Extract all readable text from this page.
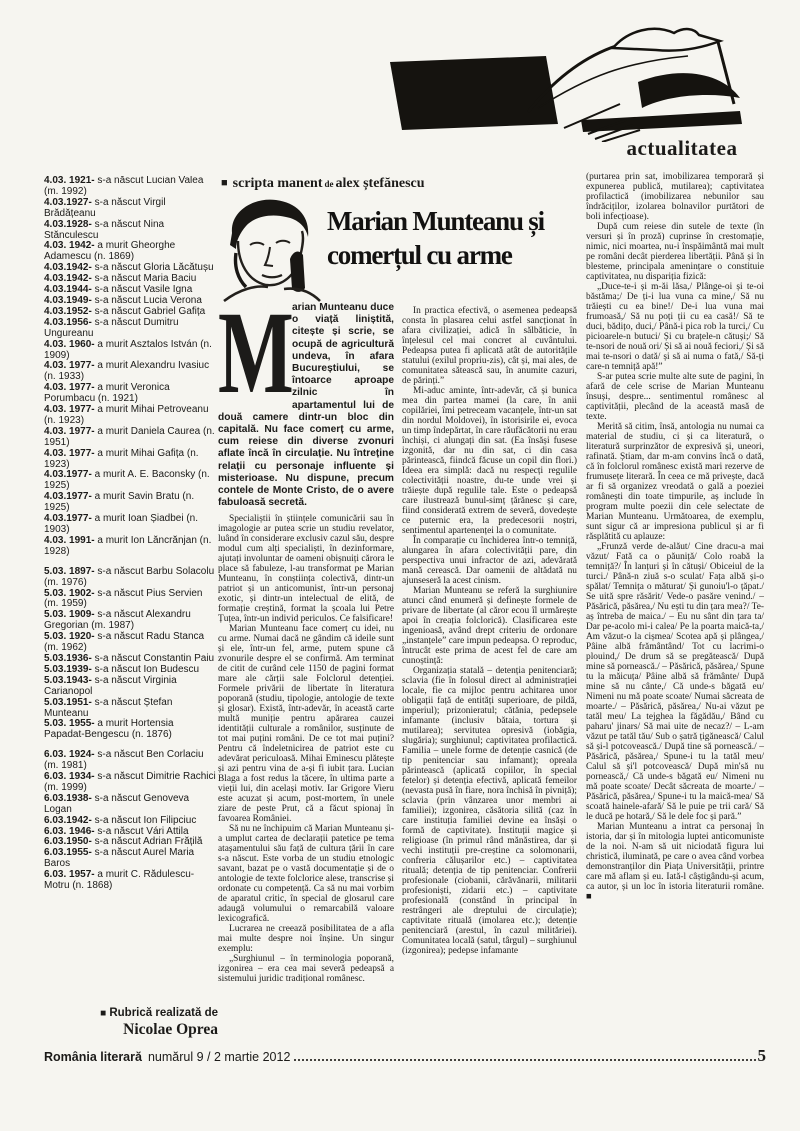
actualitatea
4.03. 1921- s-a născut Lucian Valea (m. 1992)
4.03.1927- s-a născut Virgil Brădățeanu
4.03.1928- s-a născut Nina Stănculescu
4.03. 1942- a murit Gheorghe Adamescu (n. 1869)
4.03.1942- s-a născut Gloria Lăcătușu
4.03.1942- s-a născut Maria Baciu
4.03.1944- s-a născut Vasile Igna
4.03.1949- s-a născut Lucia Verona
4.03.1952- s-a născut Gabriel Gafița
4.03.1956- s-a născut Dumitru Ungureanu
4.03. 1960- a murit Asztalos István (n. 1909)
4.03. 1977- a murit Alexandru Ivasiuc (n. 1933)
4.03. 1977- a murit Veronica Porumbacu (n. 1921)
4.03. 1977- a murit Mihai Petroveanu (n. 1923)
4.03. 1977- a murit Daniela Caurea (n. 1951)
4.03. 1977- a murit Mihai Gafița (n. 1923)
4.03.1977- a murit A. E. Baconsky (n. 1925)
4.03.1977- a murit Savin Bratu (n. 1925)
4.03.1977- a murit Ioan Șiadbei (n. 1903)
4.03. 1991- a murit Ion Lăncrănjan (n. 1928)
5.03. 1897- s-a născut Barbu Solacolu (m. 1976)
5.03. 1902- s-a născut Pius Servien (m. 1959)
5.03. 1909- s-a născut Alexandru Gregorian (m. 1987)
5.03. 1920- s-a născut Radu Stanca (m. 1962)
5.03.1936- s-a născut Constantin Paiu
5.03.1939- s-a născut Ion Budescu
5.03.1943- s-a născut Virginia Carianopol
5.03.1951- s-a născut Ștefan Munteanu
5.03. 1955- a murit Hortensia Papadat-Bengescu (n. 1876)
6.03. 1924- s-a născut Ben Corlaciu (m. 1981)
6.03. 1934- s-a născut Dimitrie Rachici (m. 1999)
6.03.1938- s-a născut Genoveva Logan
6.03.1942- s-a născut Ion Filipciuc
6.03. 1946- s-a născut Vári Attila
6.03.1950- s-a născut Adrian Frățilă
6.03.1955- s-a născut Aurel Maria Baros
6.03. 1957- a murit C. Rădulescu-Motru (n. 1868)
■ Rubrică realizată de
Nicolae Oprea
■ scripta manent de alex ștefănescu
Marian Munteanu și
comerțul cu arme
M
arian Munteanu duce o viață liniștită, citește și scrie, se ocupă de agricultură undeva, în afara Bucureștiului, se întoarce aproape zilnic în apartamentul lui de două camere dintr-un bloc din capitală. Nu face comerț cu arme, cum reiese din diverse zvonuri aflate încă în circulație. Nu întreține relații cu personaje influente și misterioase. Nu dispune, precum contele de Monte Cristo, de o avere fabuloasă secretă.

Specialiștii în științele comunicării sau în imagologie ar putea scrie un studiu revelator, luând în considerare exclusiv cazul său, despre modul cum alți specialiști, în dezinformare, ajutați involuntar de oameni obișnuiți cărora le place să fabuleze, l-au transformat pe Marian Munteanu, în conștiința colectivă, dintr-un patriot și un anticomunist, într-un personaj exotic, și dintr-un intelectual de elită, de formație creștină, format la școala lui Petre Țuțea, într-un individ periculos. Ce falsificare!

Marian Munteanu face comerț cu idei, nu cu arme. Numai dacă ne gândim că ideile sunt și ele, într-un fel, arme, putem spune că zvonurile despre el se confirmă. Am terminat de citit de curând cele 1150 de pagini format mare ale cărții sale Folclorul detenției. Formele privării de libertate în literatura poporană (studiu, tipologie, antologie de texte și glosar). Există, într-adevăr, în această carte multă muniție pentru apărarea cauzei identității culturale a românilor, susținute de tot mai puțini români. De ce tot mai puțini? Pentru că îndeletnicirea de patriot este cu adevărat periculoasă. Mihai Eminescu plătește și azi pentru vina de a-și fi iubit țara. Lucian Blaga a fost redus la tăcere, în ultima parte a vieții lui, din același motiv. Iar Grigore Vieru este acuzat și acum, post-mortem, în unele ziare de peste Prut, că a făcut spionaj în favoarea României.

Să nu ne închipuim că Marian Munteanu și-a umplut cartea de declarații patetice pe tema atașamentului său față de cultura țării în care s-a născut. Este vorba de un studiu etnologic savant, bazat pe o vastă documentație și de o antologie de texte folclorice alese, transcrise și ordonate cu competență. Ca să nu mai vorbim de aparatul critic, în special de glosarul care adaugă volumului o remarcabilă valoare lexicografică.

Lucrarea ne creează posibilitatea de a afla mai multe despre noi înșine. Un singur exemplu:

„Surghiunul – în terminologia poporană, izgonirea – era cea mai severă pedeapsă a sistemului juridic tradițional românesc.

În practica efectivă, o asemenea pedeapsă consta în plasarea celui astfel sancționat în afara civilizației, adică în sălbăticie, în înțelesul cel mai concret al cuvântului. Pedeapsa putea fi aplicată atât de autoritățile statului (exilul propriu-zis), cât și, mai ales, de comunitatea sătească sau, în anumite cazuri, de părinți.”

Mi-aduc aminte, într-adevăr, că și bunica mea din partea mamei (la care, în anii copilăriei, îmi petreceam vacanțele, într-un sat din nordul Moldovei), în istorisirile ei, evoca un timp îndepărtat, în care răufăcătorii nu erau închiși, ci alungați din sat. (Ea însăși fusese izgonită, dar nu din sat, ci din casa părintească, fiindcă făcuse un copil din flori.) Ideea era simplă: dacă nu respecți regulile colectivității noastre, du-te unde vrei și trăiește după regulile tale. Este o pedeapsă care ilustrează bunul-simț țărănesc și care, fiind considerată extrem de severă, dovedește ce puternic era, la predecesorii noștri, sentimentul apartenenței la o comunitate.

În comparație cu închiderea într-o temniță, alungarea în afara colectivității pare, din perspectiva unui infractor de azi, adevărată mană cerească. Dar oamenii de altădată nu ajunseseră la acest cinism.

Marian Munteanu se referă la surghiunire atunci când enumeră și definește formele de privare de libertate (al căror ecou îl urmărește apoi în creația folclorică). Clasificarea este ingenioasă, având drept criteriu de ordonare „instanțele” care impun pedeapsa. O reproduc, întrucât este prima de acest fel de care am cunoștință:

Organizația statală – detenția penitenciară; sclavia (fie în folosul direct al administrației locale, fie ca mijloc pentru achitarea unor obligații față de entități superioare, de pildă, imperiul); prizonieratul; cătănia, pedepsele infamante (inclusiv bătaia, tortura și mutilarea); servitutea opresivă (iobăgia, slugăria); surghiunul; captivitatea profilactică. Familia – unele forme de detenție casnică (de tip penitenciar sau infamant); opreala părintească (aplicată copiilor, în special fetelor) și detenția efectivă, aplicată femeilor (nevasta pusă în fiare, nora închisă în pivniță); sclavia (prin vânzarea unor membri ai familiei); izgonirea, căsătoria silită (caz în care instituția familiei devine ea însăși o formă de captivitate). Instituții magice și religioase (în primul rând mănăstirea, dar și vechi instituții pre-creștine ca solomonarii, confreria călușarilor etc.) – captivitatea rituală; detenția de tip penitenciar. Confrerii profesionale (ciobanii, cărăvănarii, militarii profesioniști, zidarii etc.) – captivitate profesională (constând în principal în restrângeri ale dreptului de circulație); captivitate rituală (imolarea etc.); detenție penitenciară (arestul, în cazul milităriei). Comunitatea locală (satul, târgul) – surghiunul (izgonirea); pedepse infamante

(purtarea prin sat, imobilizarea temporară și expunerea publică, mutilarea); captivitatea profilactică (imobilizarea nebunilor sau îndrăciților, izolarea bolnavilor purtători de boli infecțioase).

După cum reiese din sutele de texte (în versuri și în proză) cuprinse în crestomație, nimic, nici moartea, nu-i înspăimântă mai mult pe români decât pierderea libertății. Până și în blesteme, principala amenințare o constituie captivitatea, nu dispariția fizică:

„Duce-te-i și m-ăi lăsa,/ Plânge-oi și te-oi băstăma;/ De ți-i lua vuna ca mine,/ Să nu trăiești cu ea bine!/ De-i lua vuna mai frumoasă,/ Să nu poți ții cu ea casă!/ Să te duci, bădițo, duci,/ Până-i pica rob la turci,/ Cu picioarele-n butuci/ Și cu brațele-n cătuși;/ Să te-nsori de nouă ori/ Și să ai nouă feciori,/ Și să mai te-nsori o dată/ și să ai numa o fată,/ Să-ți care-n temniță apă!”

S-ar putea scrie multe alte sute de pagini, în afară de cele scrise de Marian Munteanu însuși, despre... sentimentul românesc al captivității, plecând de la această masă de texte.

Merită să citim, însă, antologia nu numai ca material de studiu, ci și ca literatură, o literatură surprinzător de expresivă și, uneori, rafinată. Știam, dar m-am convins încă o dată, că în folclorul românesc există mari rezerve de frumusețe literară. În ceea ce mă privește, dacă ar fi să organizez vreodată o gală a poeziei românești din toate timpurile, aș include în program multe poezii din cele selectate de Marian Munteanu. Următoarea, de exemplu, sunt sigur că ar impresiona publicul și ar fi răsplătită cu aplauze:

„Frunză verde de-alăut/ Cine dracu-a mai văzut/ Fată ca o păuniță/ Colo roabă la temniță?/ În lanțuri și în cătuși/ Obiceiul de la turci./ Până-n ziuă s-o sculat/ Fața albă și-o spălat/ Temnița o măturat/ Și gunoiu'l-o țăpat./ Se uită spre răsărit/ Vede-o pasăre venind./ – Păsărică, păsărea,/ Nu ești tu din țara mea?/ Te-aș întreba de maica./ – Eu nu sânt din țara ta/ Dar pe-acolo mi-i calea/ Pe la poarta maică-ta,/ Am văzut-o la cișmea/ Scotea apă și plângea,/ Pâine albă frământând/ Tot cu lacrimi-o plouind,/ De drum să se pregătească/ După mine să pornească./ – Păsărică, păsărea,/ Spune tu la măicuța/ Pâine albă să frământe/ După mine să nu cânte,/ Că unde-s băgată eu/ Nimeni nu mă poate scoate/ Numai săcreata de moarte./ – Păsărică, păsărea,/ Nu-ai văzut pe tatăl meu/ La tejghea la făgădău,/ Bând cu paharu' jinars/ Să mai uite de necaz?/ – L-am văzut pe tatăl tău/ Sub o șatră țigănească/ Calul să și-l potcovească./ După tine să pornească./ – Păsărică, păsărea,/ Spune-i tu la tatăl meu/ Calul să și'l potcovească/ După min'să nu pornească,/ Că unde-s băgată eu/ Nimeni nu mă poate scoate/ Decât săcreata de moarte./ – Păsărică, păsărea,/ Spune-i tu la maică-mea/ Să scoată hainele-afară/ Să le puie pe trii cară/ Să le ducă pe hotară,/ Să le dele foc și pară.”

Marian Munteanu a intrat ca personaj în istoria, dar și în mitologia luptei anticomuniste de la noi. N-am să uit niciodată figura lui christică, iluminată, pe care o avea când vorbea demonstranților din Piața Universității, printre care mă aflam și eu. Iată-l câștigându-și acum, ca autor, și un loc în istoria literaturii române. ■

România literară numărul 9 / 2 martie 2012	5
